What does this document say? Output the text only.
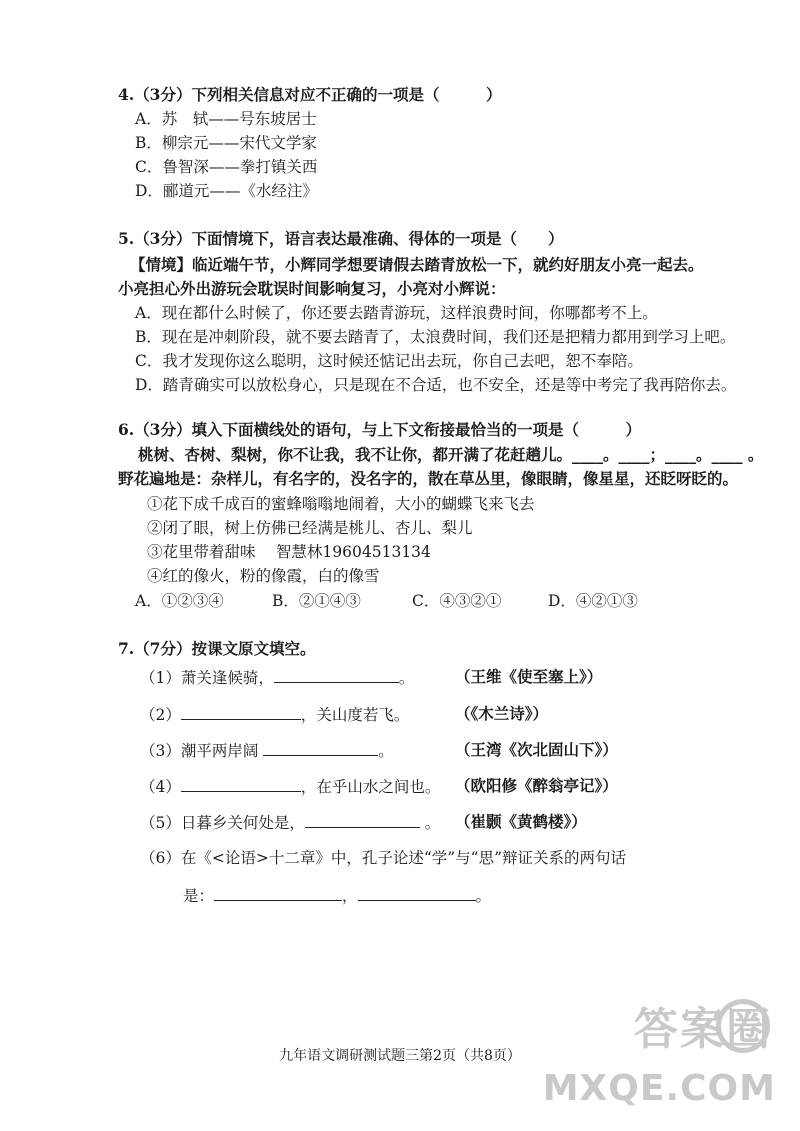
4.（3分）下列相关信息对应不正确的一项是（　　　）
A．苏　轼——号东坡居士
B．柳宗元——宋代文学家
C．鲁智深——拳打镇关西
D．郦道元——《水经注》
5.（3分）下面情境下，语言表达最准确、得体的一项是（　　）
【情境】临近端午节，小辉同学想要请假去踏青放松一下，就约好朋友小亮一起去。
小亮担心外出游玩会耽误时间影响复习，小亮对小辉说：
A．现在都什么时候了，你还要去踏青游玩，这样浪费时间，你哪都考不上。
B．现在是冲刺阶段，就不要去踏青了，太浪费时间，我们还是把精力都用到学习上吧。
C．我才发现你这么聪明，这时候还惦记出去玩，你自己去吧，恕不奉陪。
D．踏青确实可以放松身心，只是现在不合适，也不安全，还是等中考完了我再陪你去。
6.（3分）填入下面横线处的语句，与上下文衔接最恰当的一项是（　　　）
桃树、杏树、梨树，你不让我，我不让你，都开满了花赶趟儿。____。____；____。____ 。
野花遍地是：杂样儿，有名字的，没名字的，散在草丛里，像眼睛，像星星，还眨呀眨的。
①花下成千成百的蜜蜂嗡嗡地闹着，大小的蝴蝶飞来飞去
②闭了眼，树上仿佛已经满是桃儿、杏儿、梨儿
③花里带着甜味　 智慧林19604513134
④红的像火，粉的像霞，白的像雪
A．①②③④	B．②①④③	C．④③②①	D．④②①③
7.（7分）按课文原文填空。
（1）萧关逢候骑，	。	（王维《使至塞上》）
（2）	，关山度若飞。	（《木兰诗》）
（3）潮平两岸阔	。	（王湾《次北固山下》）
（4）	，在乎山水之间也。 （欧阳修《醉翁亭记》）
（5）日暮乡关何处是，	。 （崔颢《黄鹤楼》）
（6）在《<论语>十二章》中，孔子论述“学”与“思”辩证关系的两句话
是：	，	。
九年语文调研测试题三第2页（共8页）
答案圈
MXQE.COM
